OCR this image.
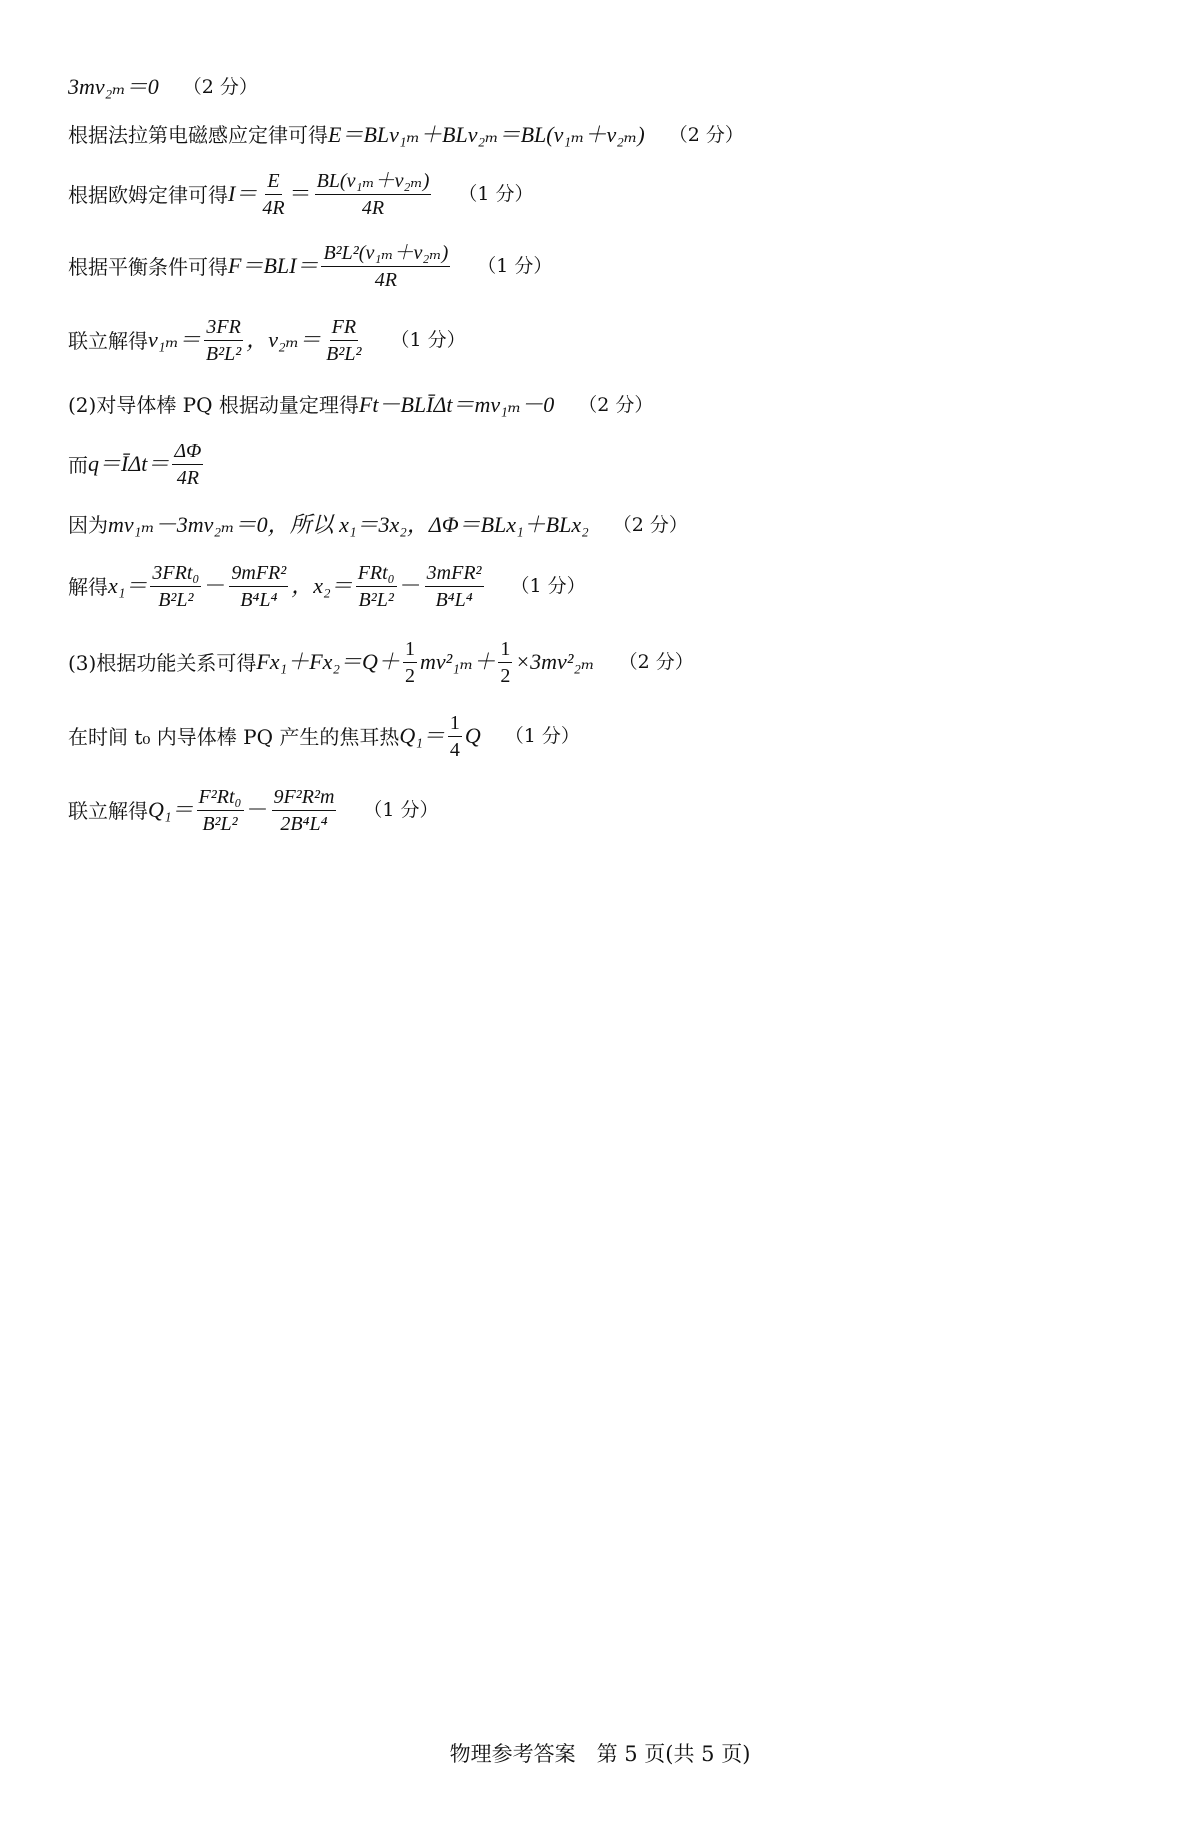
3mv₂ₘ＝0 （2 分）
根据法拉第电磁感应定律可得 E＝BLv₁ₘ＋BLv₂ₘ＝BL(v₁ₘ＋v₂ₘ) （2 分）
根据欧姆定律可得 $I= \frac{E}{4R} = \frac{\text{BL(v₁ₘ＋v₂ₘ)}}{4R} (1$ 分）
根据平衡条件可得 $F=BLI= \frac{\text{B²L²(v₁ₘ＋v₂ₘ)}}{4R} (1$ 分）
联立解得 $v_{1m}= \frac{3FR}{\text{B²L²}}$ ，$v_{2m}= \frac{FR}{\text{B²L²}} (1$ 分）
(2)对导体棒 PQ 根据动量定理得 Ft－BLĪΔt＝mv₁ₘ－0 （2 分）
而 q＝ĪΔt＝ $\frac{\Delta\Phi}{4R}$
因为 mv₁ₘ－3mv₂ₘ＝0，所以 x₁＝3x₂，ΔΦ＝BLx₁＋BLx₂ （2 分）
解得 $x_1= \frac{\text{3FRt₀}}{\text{B²L²}} - \frac{\text{9mFR²}}{\text{B⁴L⁴}}$ ，$x_2= \frac{\text{FRt₀}}{\text{B²L²}} - \frac{\text{3mFR²}}{\text{B⁴L⁴}} (1$ 分）
(3)根据功能关系可得 $Fx_1+Fx_2=Q+ \frac{1}{2} mv^2_{1m}+ \frac{1}{2} \times 3mv^2_{2m}$ （2 分）
在时间 t₀ 内导体棒 PQ 产生的焦耳热 $Q_1= \frac{1}{4}$ Q （1 分）
联立解得 $Q_1= \frac{\text{F²Rt₀}}{\text{B²L²}} - \frac{\text{9F²R²m}}{\text{2B⁴L⁴}} (1$ 分）
物理参考答案　第 5 页(共 5 页)
